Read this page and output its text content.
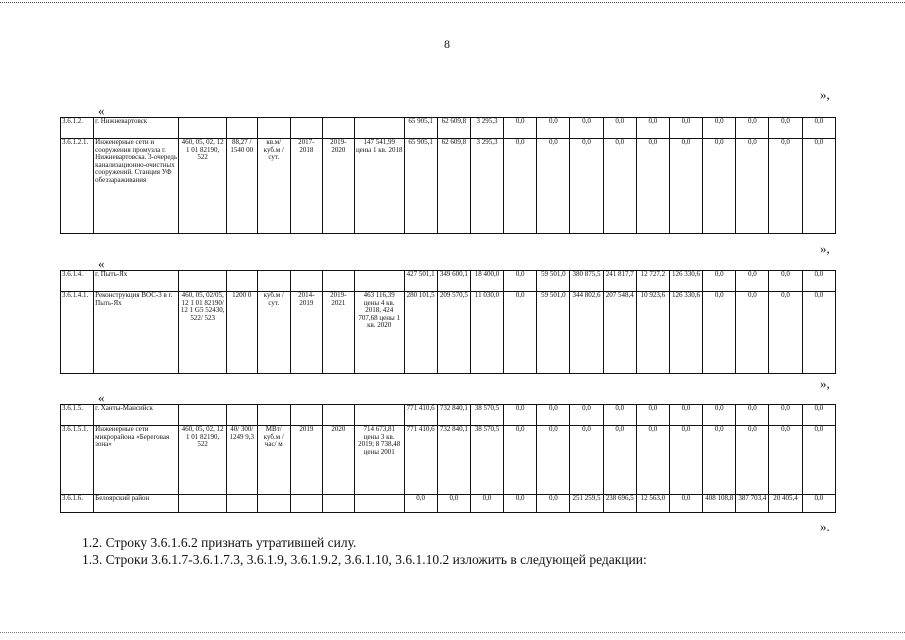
8
»,
«
3.6.1.2.	г. Нижневартовск							65 905,1	62 609,8	3 295,3	0,0	0,0	0,0	0,0	0,0	0,0	0,0	0,0	0,0	0,0
3.6.1.2.1.	Инженерные сети и сооружения промузла г. Нижневартовска. 3-очередь канализационно-очистных сооружений. Станция УФ обеззараживания	460, 05, 02, 12 1 01 82190, 522	88,27 / 1540 00	кв.м/ куб.м / сут.	2017-2018	2019-2020	147 541,99 цены 1 кв. 2018	65 905,1	62 609,8	3 295,3	0,0	0,0	0,0	0,0	0,0	0,0	0,0	0,0	0,0	0,0
»,
«
3.6.1.4.	г. Пыть-Ях							427 501,1	349 600,1	18 400,0	0,0	59 501,0	380 875,5	241 817,7	12 727,2	126 330,6	0,0	0,0	0,0	0,0
3.6.1.4.1.	Реконструкция ВОС-3 в г. Пыть-Ях	460, 05, 02/05, 12 1 01 82190/ 12 1 G5 52430, 522/ 523	1200 0	куб.м / сут.	2014-2019	2019-2021	463 116,39 цены 4 кв. 2018, 424 707,68 цены 1 кв. 2020	280 101,5	209 570,5	11 030,0	0,0	59 501,0	344 802,6	207 548,4	10 923,6	126 330,6	0,0	0,0	0,0	0,0
»,
«
3.6.1.5.	г. Ханты-Мансийск							771 410,6	732 840,1	38 570,5	0,0	0,0	0,0	0,0	0,0	0,0	0,0	0,0	0,0	0,0
3.6.1.5.1.	Инженерные сети микрорайона «Береговая зона»	460, 05, 02, 12 1 01 82190, 522	40/ 300/ 1249 9,3	МВт/ куб.м / час/ м	2019	2020	714 673,81 цены 3 кв. 2019; 8 738,48 цены 2001	771 410,6	732 840,1	38 570,5	0,0	0,0	0,0	0,0	0,0	0,0	0,0	0,0	0,0	0,0
3.6.1.6.	Белоярский район							0,0	0,0	0,0	0,0	0,0	251 259,5	238 696,5	12 563,0	0,0	408 108,8	387 703,4	20 405,4	0,0
».
1.2. Строку 3.6.1.6.2 признать утратившей силу.
1.3. Строки 3.6.1.7-3.6.1.7.3, 3.6.1.9, 3.6.1.9.2, 3.6.1.10, 3.6.1.10.2 изложить в следующей редакции:
